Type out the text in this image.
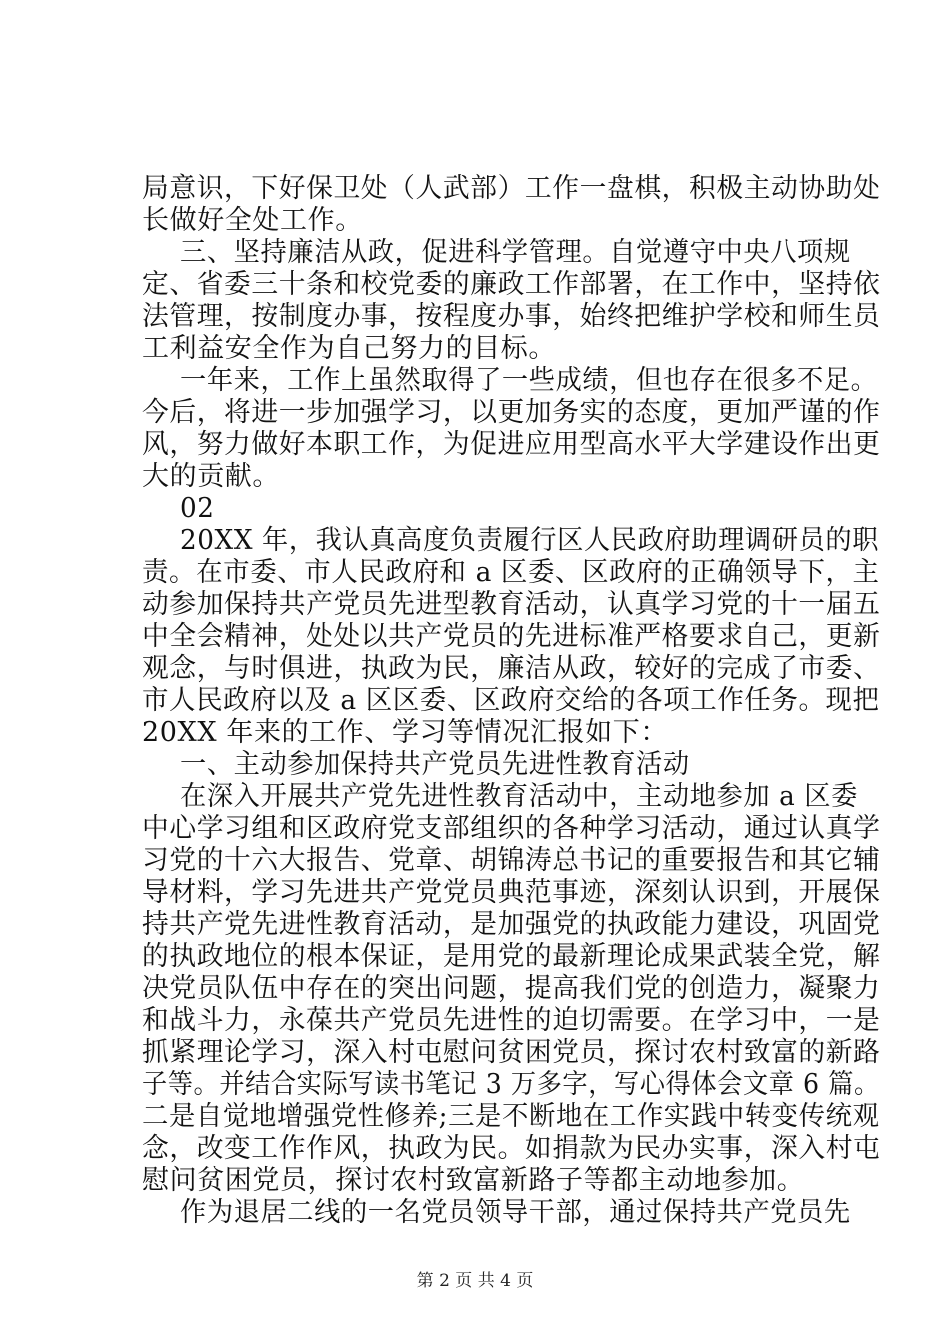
局意识，下好保卫处（人武部）工作一盘棋，积极主动协助处
长做好全处工作。
三、坚持廉洁从政，促进科学管理。自觉遵守中央八项规
定、省委三十条和校党委的廉政工作部署，在工作中，坚持依
法管理，按制度办事，按程度办事，始终把维护学校和师生员
工利益安全作为自己努力的目标。
一年来，工作上虽然取得了一些成绩，但也存在很多不足。
今后，将进一步加强学习，以更加务实的态度，更加严谨的作
风，努力做好本职工作，为促进应用型高水平大学建设作出更
大的贡献。
02
20XX 年，我认真高度负责履行区人民政府助理调研员的职
责。在市委、市人民政府和 a 区委、区政府的正确领导下，主
动参加保持共产党员先进型教育活动，认真学习党的十一届五
中全会精神，处处以共产党员的先进标准严格要求自己，更新
观念，与时俱进，执政为民，廉洁从政，较好的完成了市委、
市人民政府以及 a 区区委、区政府交给的各项工作任务。现把
20XX 年来的工作、学习等情况汇报如下：
一、主动参加保持共产党员先进性教育活动
在深入开展共产党先进性教育活动中，主动地参加 a 区委
中心学习组和区政府党支部组织的各种学习活动，通过认真学
习党的十六大报告、党章、胡锦涛总书记的重要报告和其它辅
导材料，学习先进共产党党员典范事迹，深刻认识到，开展保
持共产党先进性教育活动，是加强党的执政能力建设，巩固党
的执政地位的根本保证，是用党的最新理论成果武装全党，解
决党员队伍中存在的突出问题，提高我们党的创造力，凝聚力
和战斗力，永葆共产党员先进性的迫切需要。在学习中，一是
抓紧理论学习，深入村屯慰问贫困党员，探讨农村致富的新路
子等。并结合实际写读书笔记 3 万多字，写心得体会文章 6 篇。
二是自觉地增强党性修养;三是不断地在工作实践中转变传统观
念，改变工作作风，执政为民。如捐款为民办实事，深入村屯
慰问贫困党员，探讨农村致富新路子等都主动地参加。
作为退居二线的一名党员领导干部，通过保持共产党员先
第 2 页 共 4 页
